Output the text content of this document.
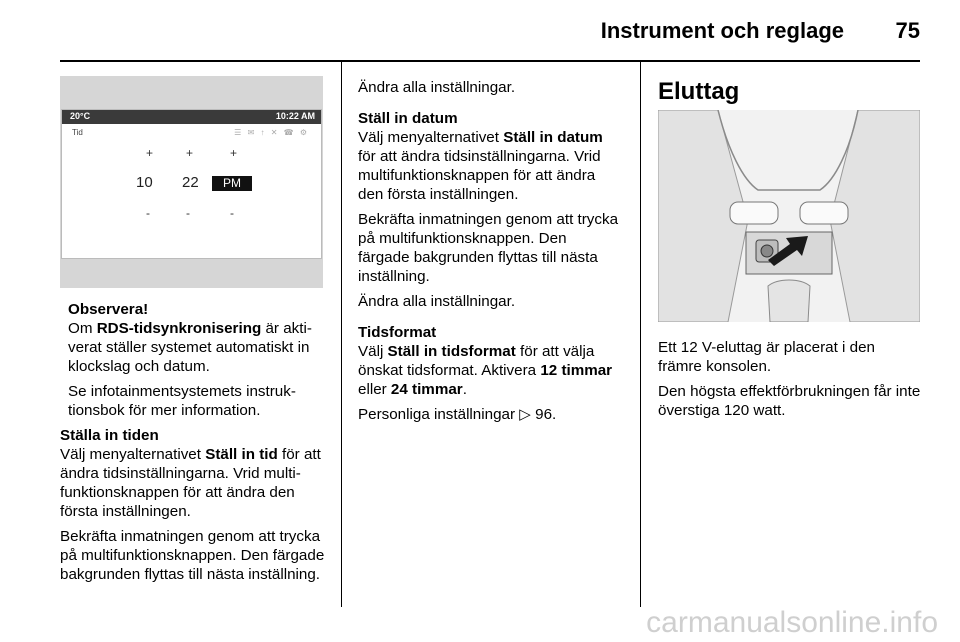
Instrument och reglage 75
20°C	10:22 AM
Tid	☰ ✉ ↑ ✕ ☎ ⚙
+	+	+
10 22	PM
-	-	-

Observera!

Om RDS-tidsynkronisering är akti-verat ställer systemet automatiskt in klockslag och datum.

Se infotainmentsystemets instruk-tionsbok för mer information.

Ställa in tiden

Välj menyalternativet Ställ in tid för att ändra tidsinställningarna. Vrid multi-funktionsknappen för att ändra den första inställningen.

Bekräfta inmatningen genom att trycka på multifunktionsknappen. Den färgade bakgrunden flyttas till nästa inställning.

Ändra alla inställningar.

Ställ in datum

Välj menyalternativet Ställ in datum för att ändra tidsinställningarna. Vrid multifunktionsknappen för att ändra den första inställningen.

Bekräfta inmatningen genom att trycka på multifunktionsknappen. Den färgade bakgrunden flyttas till nästa inställning.

Ändra alla inställningar.

Tidsformat

Välj Ställ in tidsformat för att välja önskat tidsformat. Aktivera 12 timmar eller 24 timmar.

Personliga inställningar ▷ 96.

Eluttag

Ett 12 V-eluttag är placerat i den främre konsolen.

Den högsta effektförbrukningen får inte överstiga 120 watt.

carmanualsonline.info
